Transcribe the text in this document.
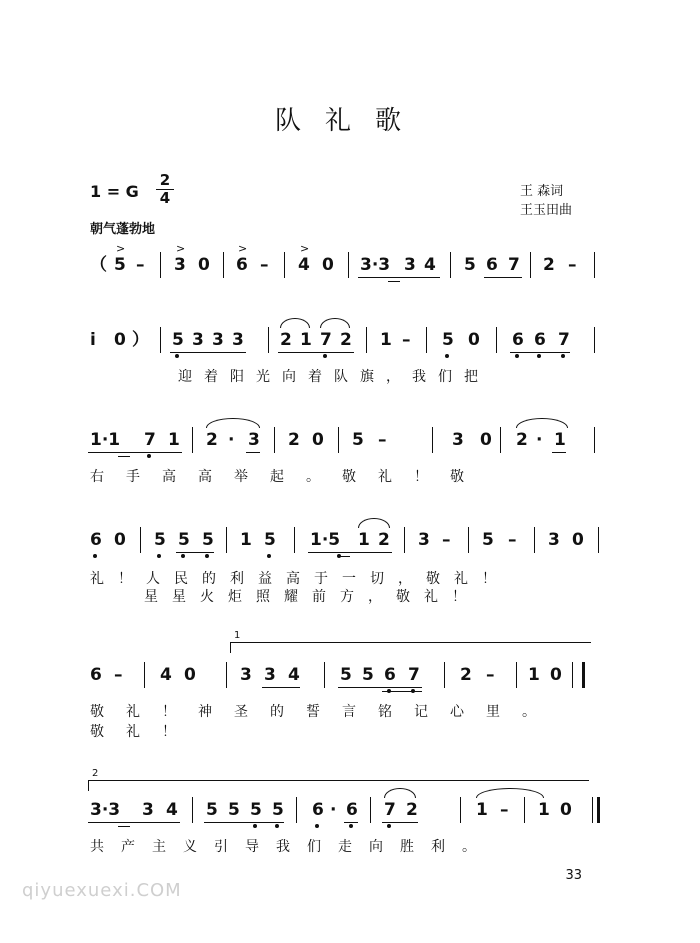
队礼歌
1 = G
2
4	王 森词
王玉田曲
朝气蓬勃地
（
>
5 –
>
3 0
>
6 –
>
4 0 3·3 3 4 5 6 7 2 –
i 0 ） 5 3 3 3 2 1 7 2 1 – 5 0 6 6 7
迎着阳光向着队旗，我们把
1·1 7 1 2 · 3 2 0 5 –	3 0 2 · 1
右手高高举起。敬礼！敬
6 0 5 5 5 1 5 1·5 1 2 3 – 5 – 3 0
礼！人民的利益高于一切，敬礼！
星星火炬照耀前方，敬礼！
1
6 – 4 0	3 3 4 5 5 6 7 2 – 1 0
敬礼！神圣的誓言铭记心里。
敬礼！
2
3·3 3 4 5 5 5 5 6 · 6 7 2	1 – 1 0
共产主义引导我们走向胜利。
33
qiyuexuexi.COM
